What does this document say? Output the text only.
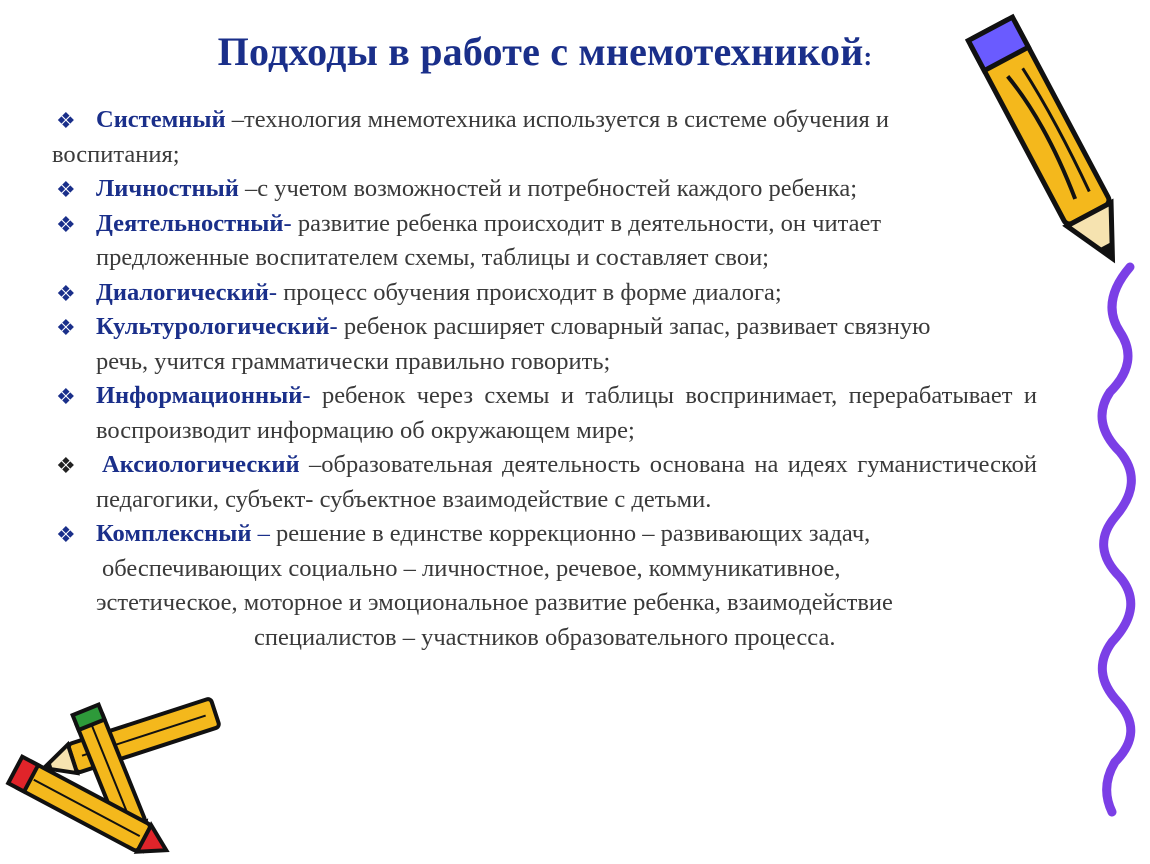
Подходы в работе с мнемотехникой:
❖ Системный –технология мнемотехника используется в системе обучения и воспитания;
❖ Личностный –с учетом возможностей и потребностей каждого ребенка;
❖ Деятельностный- развитие ребенка происходит в деятельности, он читает предложенные воспитателем схемы, таблицы и составляет свои;
❖ Диалогический- процесс обучения происходит в форме диалога;
❖ Культурологический- ребенок расширяет словарный запас, развивает связную речь, учится грамматически правильно говорить;
❖ Информационный- ребенок через схемы и таблицы воспринимает, перерабатывает и воспроизводит информацию об окружающем мире;
❖ Аксиологический –образовательная деятельность основана на идеях гуманистической педагогики, субъект- субъектное взаимодействие с детьми.
❖ Комплексный – решение в единстве коррекционно – развивающих задач,
обеспечивающих социально – личностное, речевое, коммуникативное,
эстетическое, моторное и эмоциональное развитие ребенка, взаимодействие
специалистов – участников образовательного процесса.
